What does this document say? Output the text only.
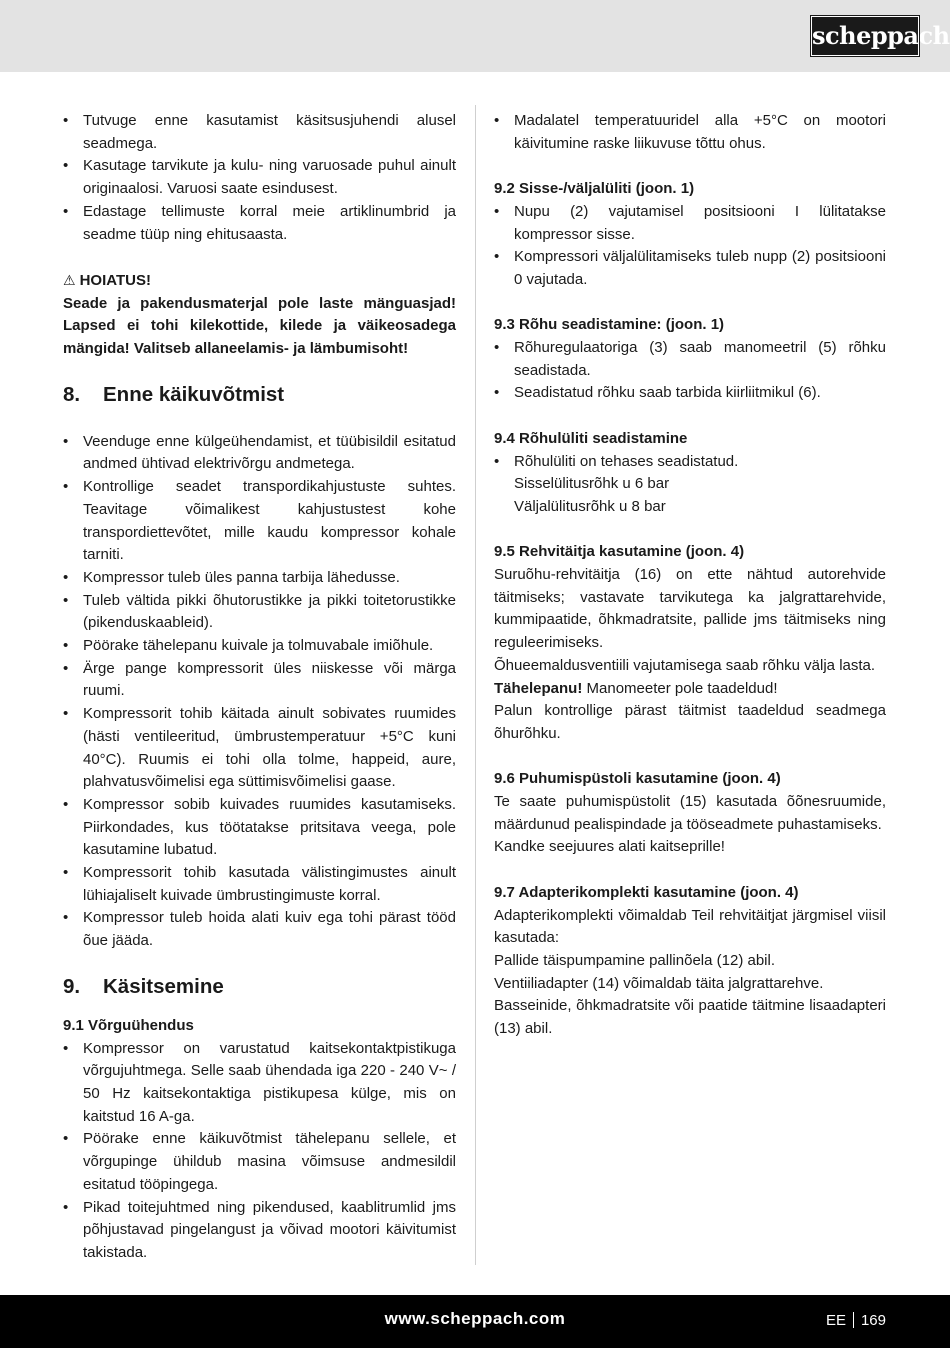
scheppach
• Tutvuge enne kasutamist käsitsusjuhendi alusel seadmega.
• Kasutage tarvikute ja kulu- ning varuosade puhul ainult originaalosi. Varuosi saate esindusest.
• Edastage tellimuste korral meie artiklinumbrid ja seadme tüüp ning ehitusaasta.

⚠ HOIATUS!

Seade ja pakendusmaterjal pole laste mänguasjad! Lapsed ei tohi kilekottide, kilede ja väikeosadega mängida! Valitseb allaneelamis- ja lämbumisoht!

8.	Enne käikuvõtmist
• Veenduge enne külgeühendamist, et tüübisildil esitatud andmed ühtivad elektrivõrgu andmetega.
• Kontrollige seadet transpordikahjustuste suhtes. Teavitage võimalikest kahjustustest kohe transpordiettevõtet, mille kaudu kompressor kohale tarniti.
• Kompressor tuleb üles panna tarbija lähedusse.
• Tuleb vältida pikki õhutorustikke ja pikki toitetorustikke (pikenduskaableid).
• Pöörake tähelepanu kuivale ja tolmuvabale imiõhule.
• Ärge pange kompressorit üles niiskesse või märga ruumi.
• Kompressorit tohib käitada ainult sobivates ruumides (hästi ventileeritud, ümbrustemperatuur +5°C kuni 40°C). Ruumis ei tohi olla tolme, happeid, aure, plahvatusvõimelisi ega süttimisvõimelisi gaase.
• Kompressor sobib kuivades ruumides kasutamiseks. Piirkondades, kus töötatakse pritsitava veega, pole kasutamine lubatud.
• Kompressorit tohib kasutada välistingimustes ainult lühiajaliselt kuivade ümbrustingimuste korral.
• Kompressor tuleb hoida alati kuiv ega tohi pärast tööd õue jääda.
9.	Käsitsemine

9.1 Võrguühendus

• Kompressor on varustatud kaitsekontaktpistikuga võrgujuhtmega. Selle saab ühendada iga 220 - 240 V~ / 50 Hz kaitsekontaktiga pistikupesa külge, mis on kaitstud 16 A-ga.
• Pöörake enne käikuvõtmist tähelepanu sellele, et võrgupinge ühildub masina võimsuse andmesildil esitatud tööpingega.
• Pikad toitejuhtmed ning pikendused, kaablitrumlid jms põhjustavad pingelangust ja võivad mootori käivitumist takistada.
• Madalatel temperatuuridel alla +5°C on mootori käivitumine raske liikuvuse tõttu ohus.

9.2 Sisse-/väljalüliti (joon. 1)

• Nupu (2) vajutamisel positsiooni I lülitatakse kompressor sisse.
• Kompressori väljalülitamiseks tuleb nupp (2) positsiooni 0 vajutada.

9.3 Rõhu seadistamine: (joon. 1)

• Rõhuregulaatoriga (3) saab manomeetril (5) rõhku seadistada.
• Seadistatud rõhku saab tarbida kiirliitmikul (6).

9.4 Rõhulüliti seadistamine

• Rõhulüliti on tehases seadistatud.

Sisselülitusrõhk u 6 bar

Väljalülitusrõhk u 8 bar

9.5 Rehvitäitja kasutamine (joon. 4)

Suruõhu-rehvitäitja (16) on ette nähtud autorehvide täitmiseks; vastavate tarvikutega ka jalgrattarehvide, kummipaatide, õhkmadratsite, pallide jms täitmiseks ning reguleerimiseks.

Õhueemaldusventiili vajutamisega saab rõhku välja lasta.

Tähelepanu! Manomeeter pole taadeldud!

Palun kontrollige pärast täitmist taadeldud seadmega õhurõhku.

9.6 Puhumispüstoli kasutamine (joon. 4)

Te saate puhumispüstolit (15) kasutada õõnesruumide, määrdunud pealispindade ja tööseadmete puhastamiseks.

Kandke seejuures alati kaitseprille!

9.7 Adapterikomplekti kasutamine (joon. 4)

Adapterikomplekti võimaldab Teil rehvitäitjat järgmisel viisil kasutada:

Pallide täispumpamine pallinõela (12) abil.

Ventiiliadapter (14) võimaldab täita jalgrattarehve.

Basseinide, õhkmadratsite või paatide täitmine lisaadapteri (13) abil.

www.scheppach.com	EE 169
